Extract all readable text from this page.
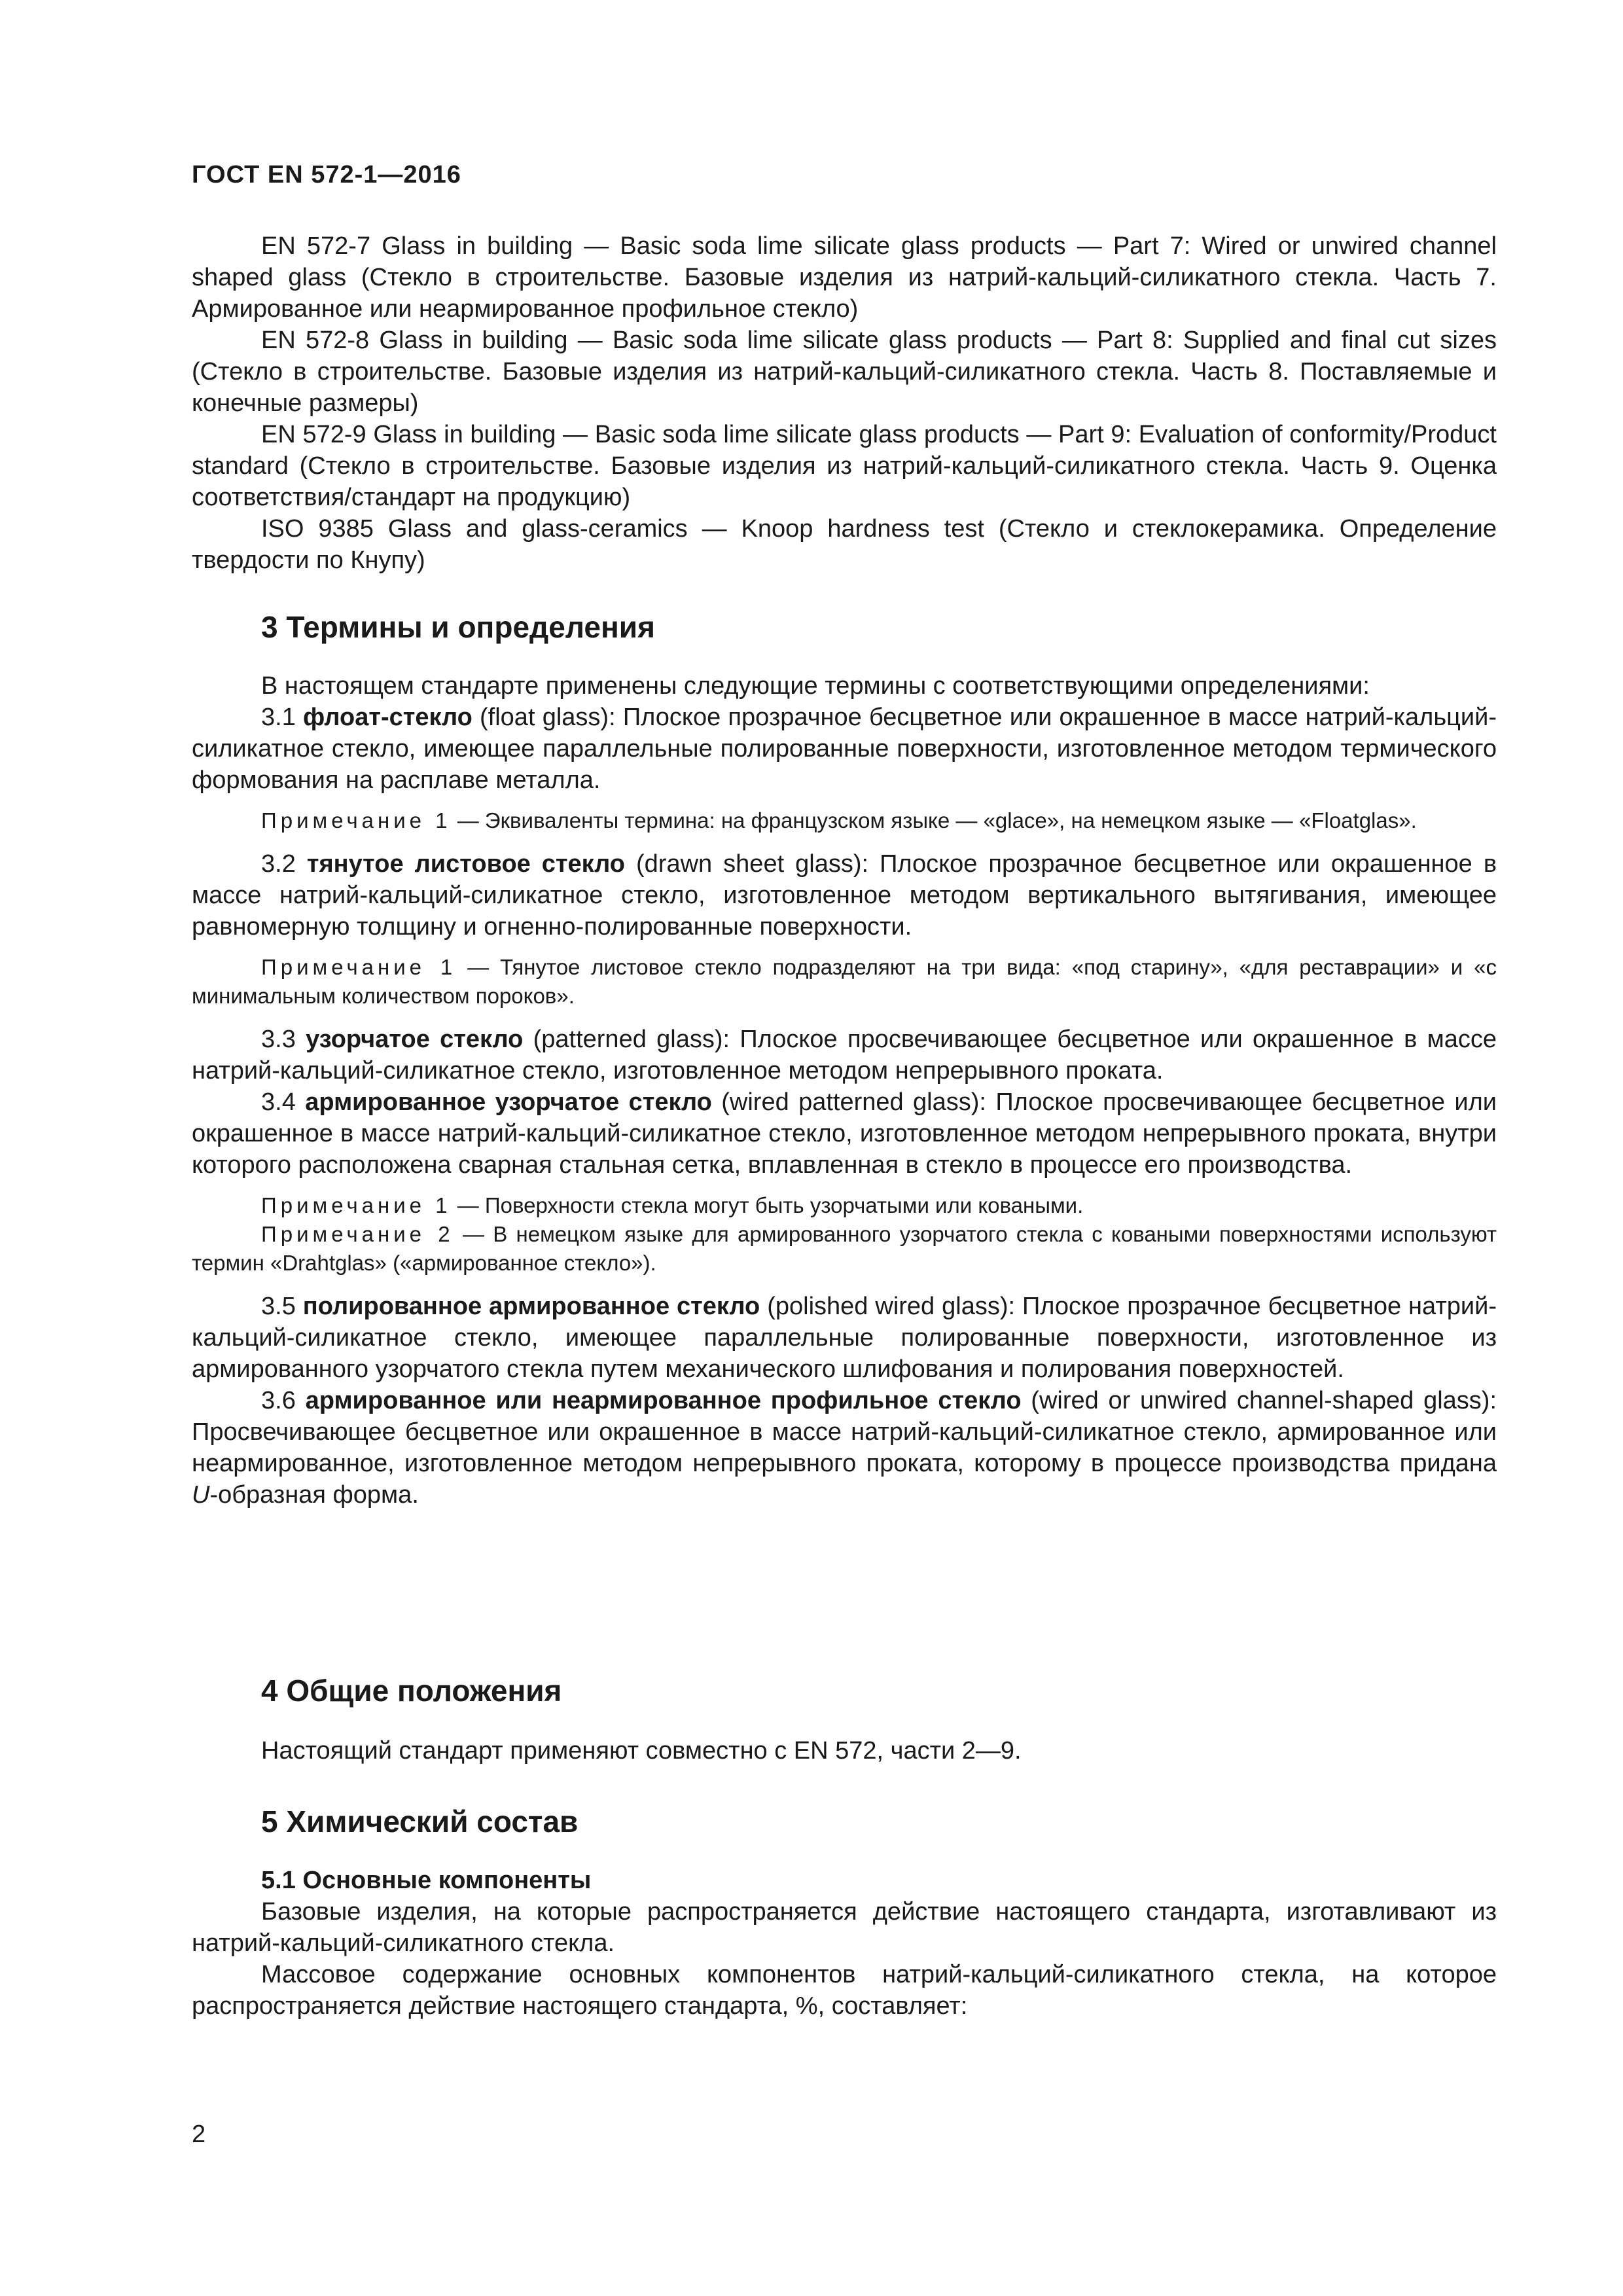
ГОСТ EN 572-1—2016

EN 572-7 Glass in building — Basic soda lime silicate glass products — Part 7: Wired or unwired channel shaped glass (Стекло в строительстве. Базовые изделия из натрий-кальций-силикатного стекла. Часть 7. Армированное или неармированное профильное стекло)

EN 572-8 Glass in building — Basic soda lime silicate glass products — Part 8: Supplied and final cut sizes (Стекло в строительстве. Базовые изделия из натрий-кальций-силикатного стекла. Часть 8. Поставляемые и конечные размеры)

EN 572-9 Glass in building — Basic soda lime silicate glass products — Part 9: Evaluation of conformity/Product standard (Стекло в строительстве. Базовые изделия из натрий-кальций-силикатного стекла. Часть 9. Оценка соответствия/стандарт на продукцию)

ISO 9385 Glass and glass-ceramics — Knoop hardness test (Стекло и стеклокерамика. Определение твердости по Кнупу)

3 Термины и определения

В настоящем стандарте применены следующие термины с соответствующими определениями:

3.1 флоат-стекло (float glass): Плоское прозрачное бесцветное или окрашенное в массе натрий-кальций-силикатное стекло, имеющее параллельные полированные поверхности, изготовленное методом термического формования на расплаве металла.

Примечание 1 — Эквиваленты термина: на французском языке — «glace», на немецком языке — «Floatglas».

3.2 тянутое листовое стекло (drawn sheet glass): Плоское прозрачное бесцветное или окрашенное в массе натрий-кальций-силикатное стекло, изготовленное методом вертикального вытягивания, имеющее равномерную толщину и огненно-полированные поверхности.

Примечание 1 — Тянутое листовое стекло подразделяют на три вида: «под старину», «для реставрации» и «с минимальным количеством пороков».

3.3 узорчатое стекло (patterned glass): Плоское просвечивающее бесцветное или окрашенное в массе натрий-кальций-силикатное стекло, изготовленное методом непрерывного проката.

3.4 армированное узорчатое стекло (wired patterned glass): Плоское просвечивающее бесцветное или окрашенное в массе натрий-кальций-силикатное стекло, изготовленное методом непрерывного проката, внутри которого расположена сварная стальная сетка, вплавленная в стекло в процессе его производства.

Примечание 1 — Поверхности стекла могут быть узорчатыми или коваными.

Примечание 2 — В немецком языке для армированного узорчатого стекла с коваными поверхностями используют термин «Drahtglas» («армированное стекло»).

3.5 полированное армированное стекло (polished wired glass): Плоское прозрачное бесцветное натрий-кальций-силикатное стекло, имеющее параллельные полированные поверхности, изготовленное из армированного узорчатого стекла путем механического шлифования и полирования поверхностей.

3.6 армированное или неармированное профильное стекло (wired or unwired channel-shaped glass): Просвечивающее бесцветное или окрашенное в массе натрий-кальций-силикатное стекло, армированное или неармированное, изготовленное методом непрерывного проката, которому в процессе производства придана U-образная форма.

4 Общие положения

Настоящий стандарт применяют совместно с EN 572, части 2—9.

5 Химический состав
5.1 Основные компоненты

Базовые изделия, на которые распространяется действие настоящего стандарта, изготавливают из натрий-кальций-силикатного стекла.

Массовое содержание основных компонентов натрий-кальций-силикатного стекла, на которое распространяется действие настоящего стандарта, %, составляет:

2
